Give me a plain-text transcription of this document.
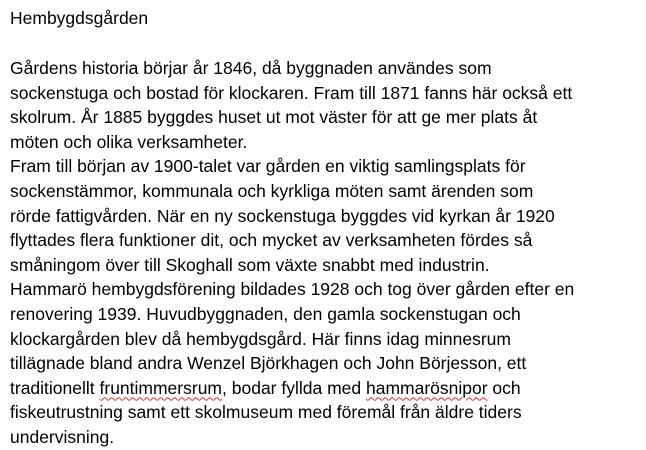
Hembygdsgården
Gårdens historia börjar år 1846, då byggnaden användes som
sockenstuga och bostad för klockaren. Fram till 1871 fanns här också ett
skolrum. År 1885 byggdes huset ut mot väster för att ge mer plats åt
möten och olika verksamheter.
Fram till början av 1900-talet var gården en viktig samlingsplats för
sockenstämmor, kommunala och kyrkliga möten samt ärenden som
rörde fattigvården. När en ny sockenstuga byggdes vid kyrkan år 1920
flyttades flera funktioner dit, och mycket av verksamheten fördes så
småningom över till Skoghall som växte snabbt med industrin.
Hammarö hembygdsförening bildades 1928 och tog över gården efter en
renovering 1939. Huvudbyggnaden, den gamla sockenstugan och
klockargården blev då hembygdsgård. Här finns idag minnesrum
tillägnade bland andra Wenzel Björkhagen och John Börjesson, ett
traditionellt fruntimmersrum, bodar fyllda med hammarösnipor och
fiskeutrustning samt ett skolmuseum med föremål från äldre tiders
undervisning.
